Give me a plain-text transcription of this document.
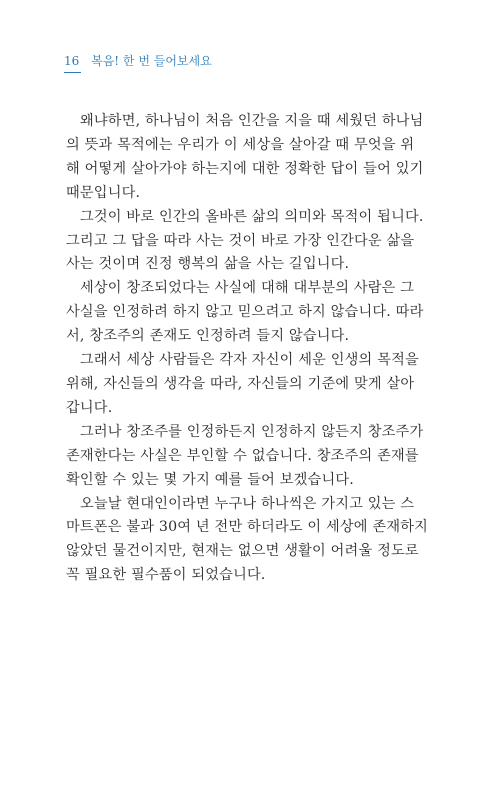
16 복음! 한 번 들어보세요
왜냐하면, 하나님이 처음 인간을 지을 때 세웠던 하나님
의 뜻과 목적에는 우리가 이 세상을 살아갈 때 무엇을 위
해 어떻게 살아가야 하는지에 대한 정확한 답이 들어 있기
때문입니다.
그것이 바로 인간의 올바른 삶의 의미와 목적이 됩니다.
그리고 그 답을 따라 사는 것이 바로 가장 인간다운 삶을
사는 것이며 진정 행복의 삶을 사는 길입니다.
세상이 창조되었다는 사실에 대해 대부분의 사람은 그
사실을 인정하려 하지 않고 믿으려고 하지 않습니다. 따라
서, 창조주의 존재도 인정하려 들지 않습니다.
그래서 세상 사람들은 각자 자신이 세운 인생의 목적을
위해, 자신들의 생각을 따라, 자신들의 기준에 맞게 살아
갑니다.
그러나 창조주를 인정하든지 인정하지 않든지 창조주가
존재한다는 사실은 부인할 수 없습니다. 창조주의 존재를
확인할 수 있는 몇 가지 예를 들어 보겠습니다.
오늘날 현대인이라면 누구나 하나씩은 가지고 있는 스
마트폰은 불과 30여 년 전만 하더라도 이 세상에 존재하지
않았던 물건이지만, 현재는 없으면 생활이 어려울 정도로
꼭 필요한 필수품이 되었습니다.
